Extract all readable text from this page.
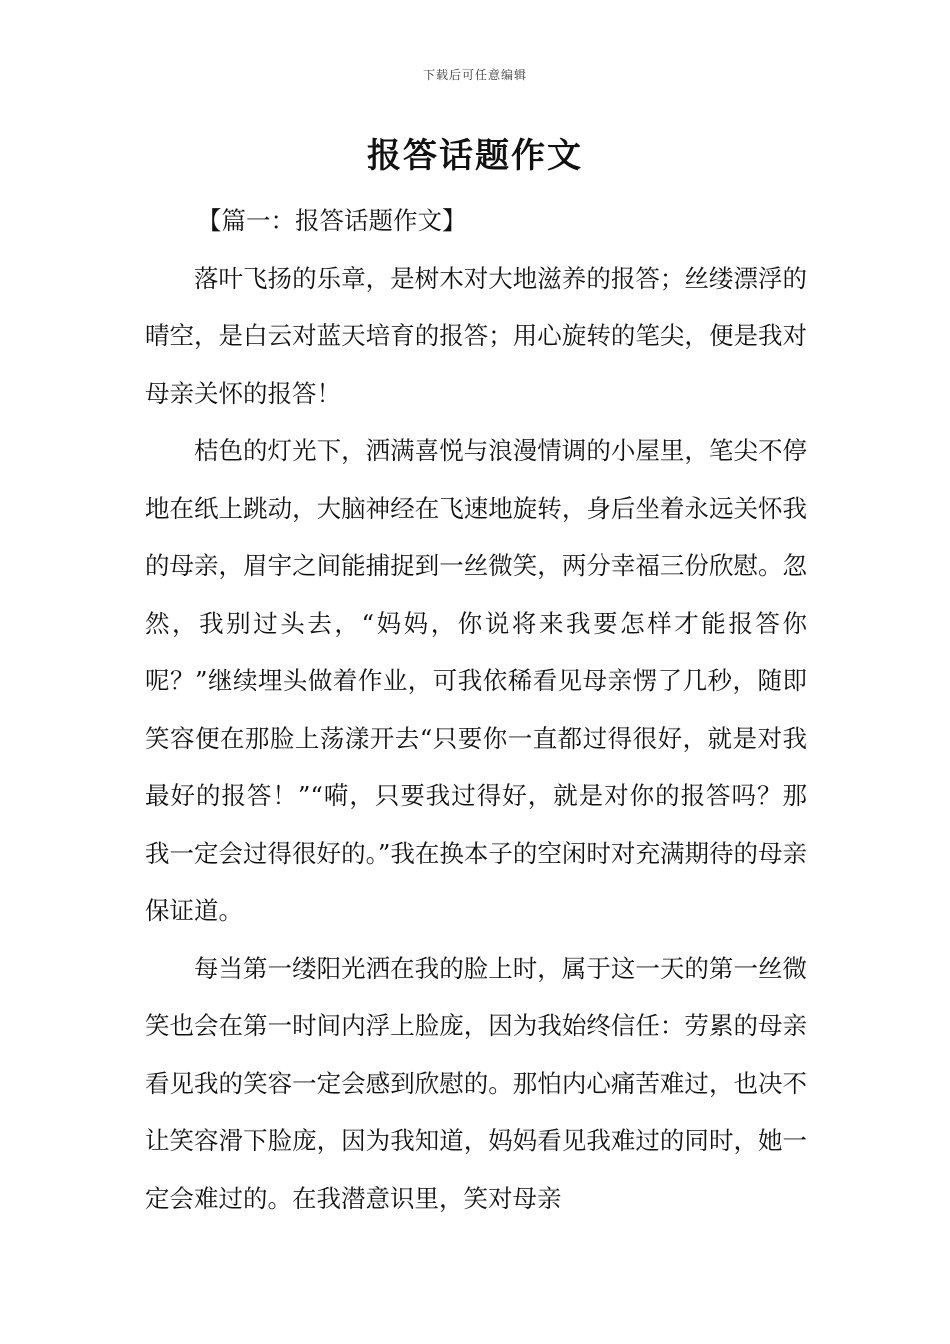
下载后可任意编辑
报答话题作文

【篇一：报答话题作文】

落叶飞扬的乐章，是树木对大地滋养的报答；丝缕漂浮的晴空，是白云对蓝天培育的报答；用心旋转的笔尖，便是我对母亲关怀的报答！

桔色的灯光下，洒满喜悦与浪漫情调的小屋里，笔尖不停地在纸上跳动，大脑神经在飞速地旋转，身后坐着永远关怀我的母亲，眉宇之间能捕捉到一丝微笑，两分幸福三份欣慰。忽然，我别过头去，“妈妈，你说将来我要怎样才能报答你呢？”继续埋头做着作业，可我依稀看见母亲愣了几秒，随即笑容便在那脸上荡漾开去“只要你一直都过得很好，就是对我最好的报答！”“嗬，只要我过得好，就是对你的报答吗？那我一定会过得很好的。”我在换本子的空闲时对充满期待的母亲保证道。

每当第一缕阳光洒在我的脸上时，属于这一天的第一丝微笑也会在第一时间内浮上脸庞，因为我始终信任：劳累的母亲看见我的笑容一定会感到欣慰的。那怕内心痛苦难过，也决不让笑容滑下脸庞，因为我知道，妈妈看见我难过的同时，她一定会难过的。在我潜意识里，笑对母亲
